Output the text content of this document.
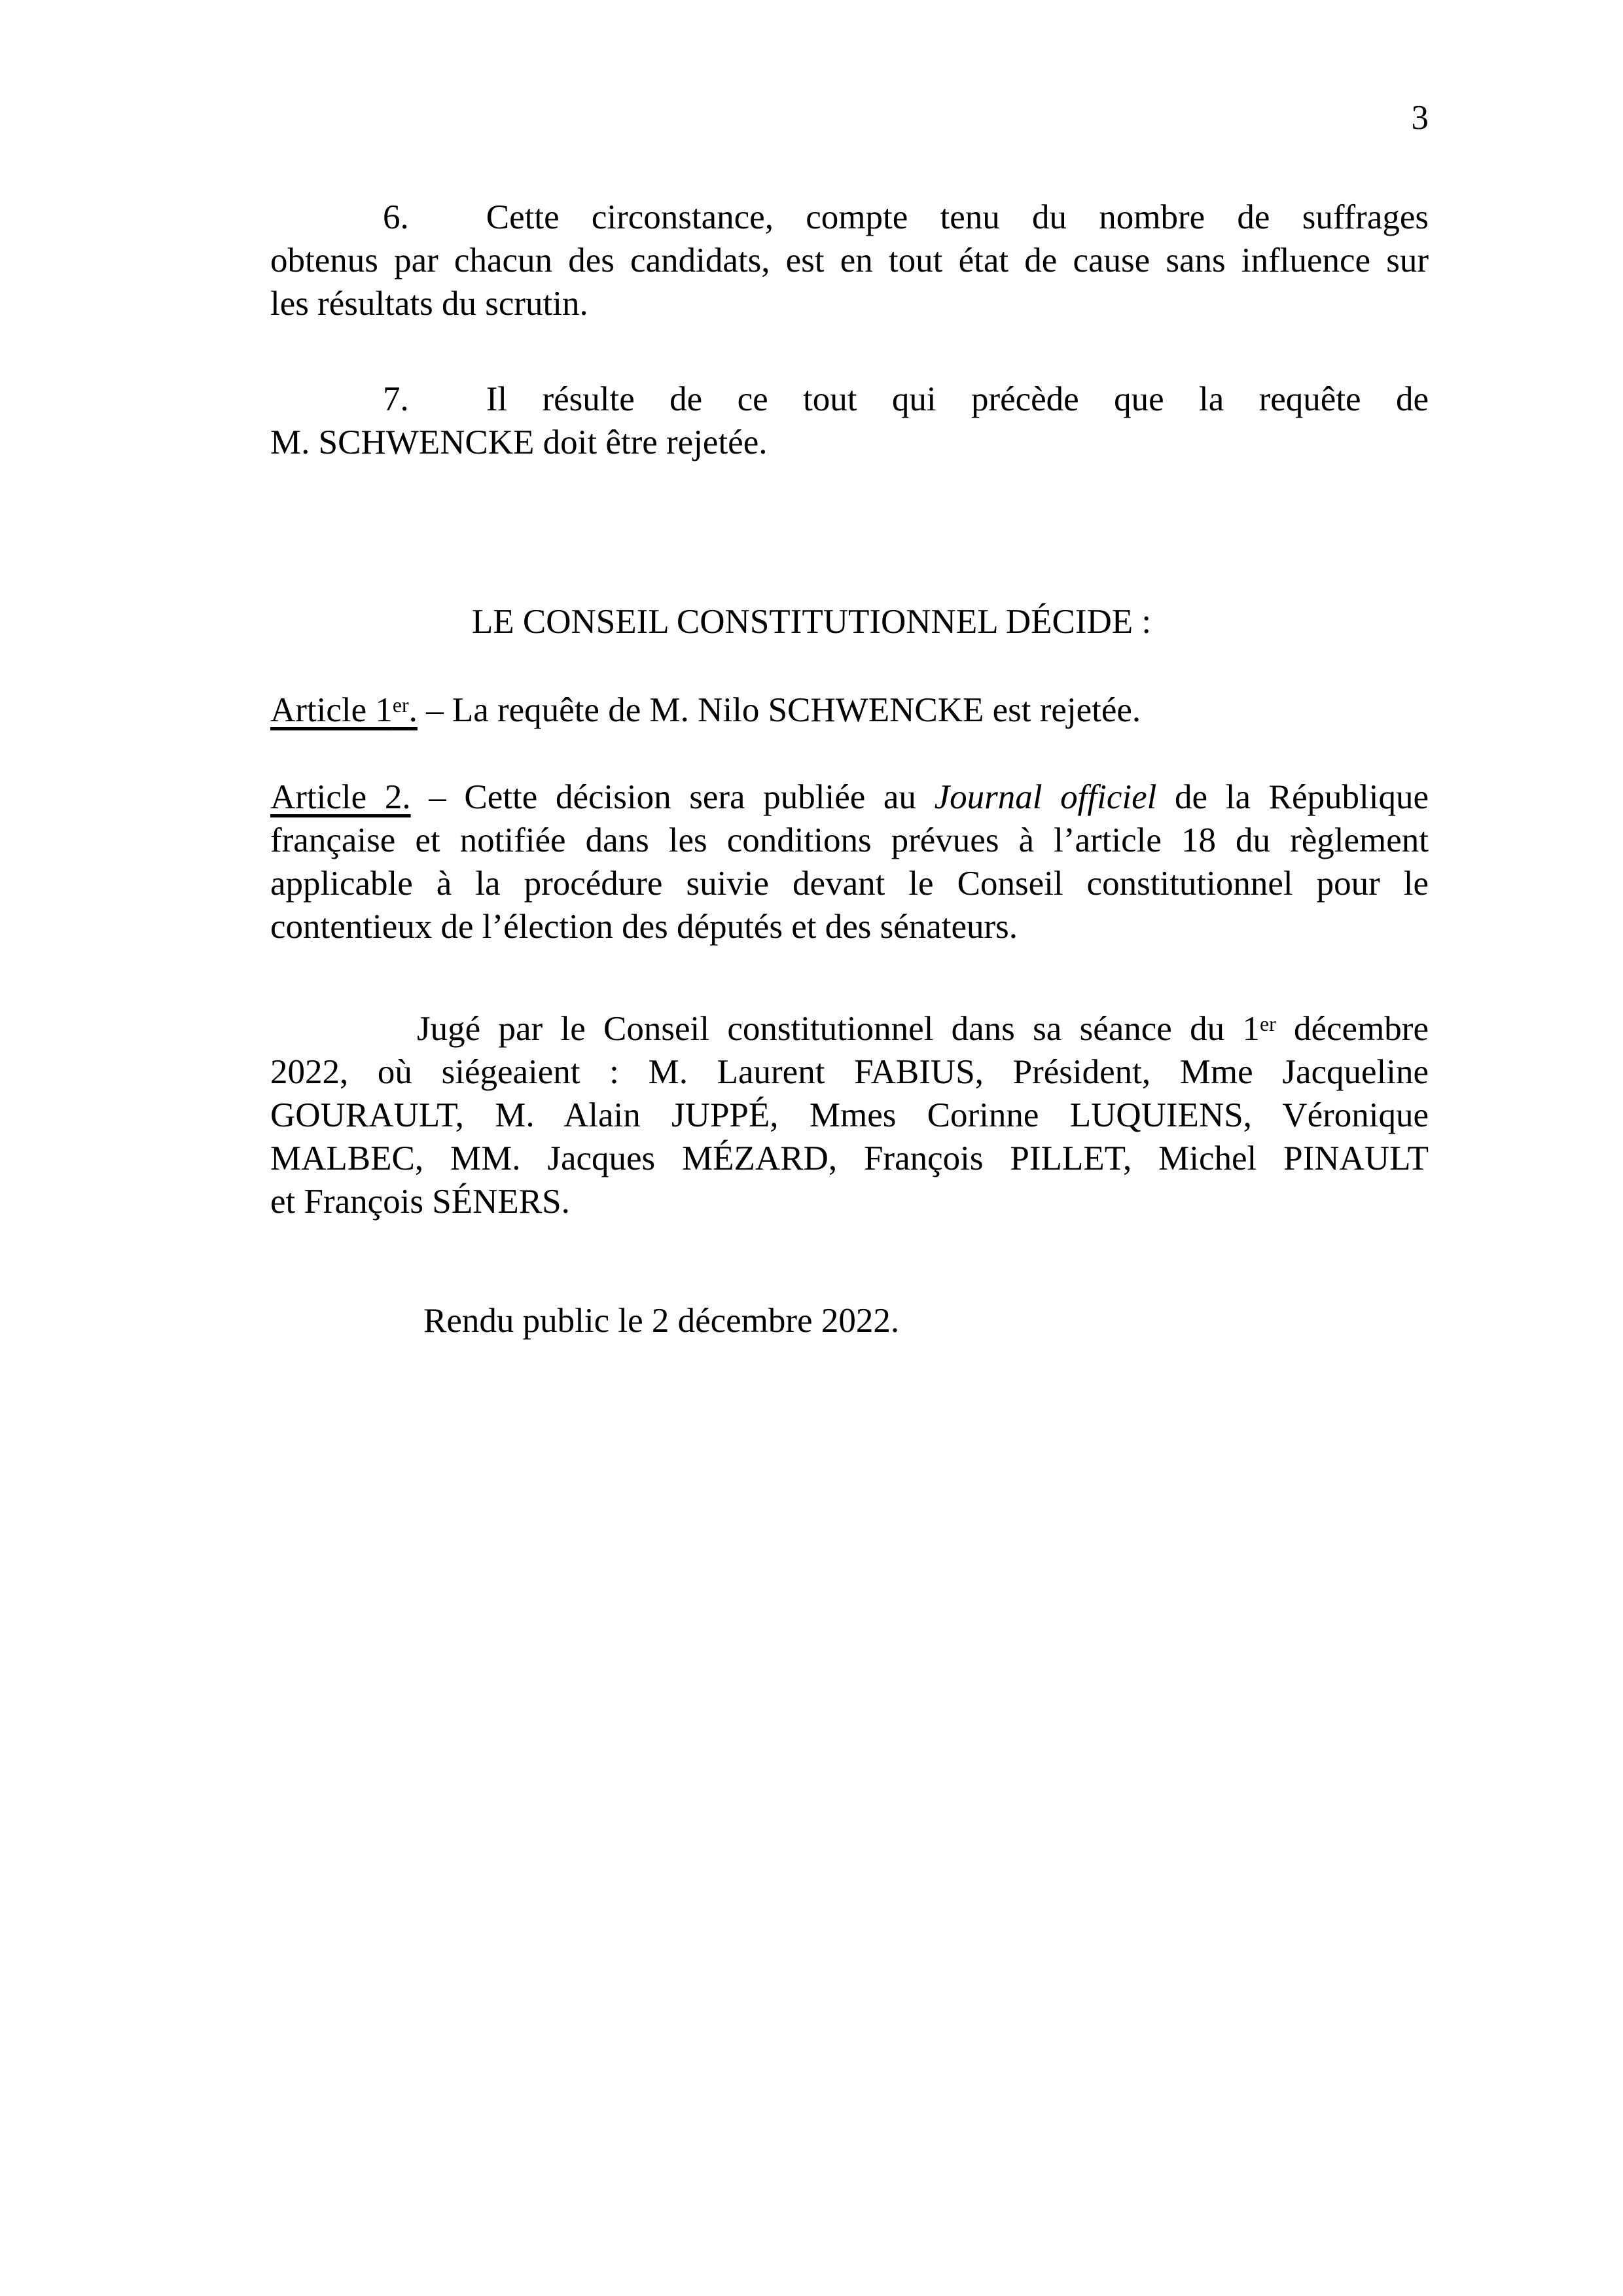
3
6. Cette circonstance, compte tenu du nombre de suffrages
obtenus par chacun des candidats, est en tout état de cause sans influence sur
les résultats du scrutin.
7. Il résulte de ce tout qui précède que la requête de
M. SCHWENCKE doit être rejetée.
LE CONSEIL CONSTITUTIONNEL DÉCIDE :
Article 1er. – La requête de M. Nilo SCHWENCKE est rejetée.
Article 2. – Cette décision sera publiée au Journal officiel de la République
française et notifiée dans les conditions prévues à l’article 18 du règlement
applicable à la procédure suivie devant le Conseil constitutionnel pour le
contentieux de l’élection des députés et des sénateurs.
Jugé par le Conseil constitutionnel dans sa séance du 1er décembre
2022, où siégeaient : M. Laurent FABIUS, Président, Mme Jacqueline
GOURAULT, M. Alain JUPPÉ, Mmes Corinne LUQUIENS, Véronique
MALBEC, MM. Jacques MÉZARD, François PILLET, Michel PINAULT
et François SÉNERS.
Rendu public le 2 décembre 2022.
